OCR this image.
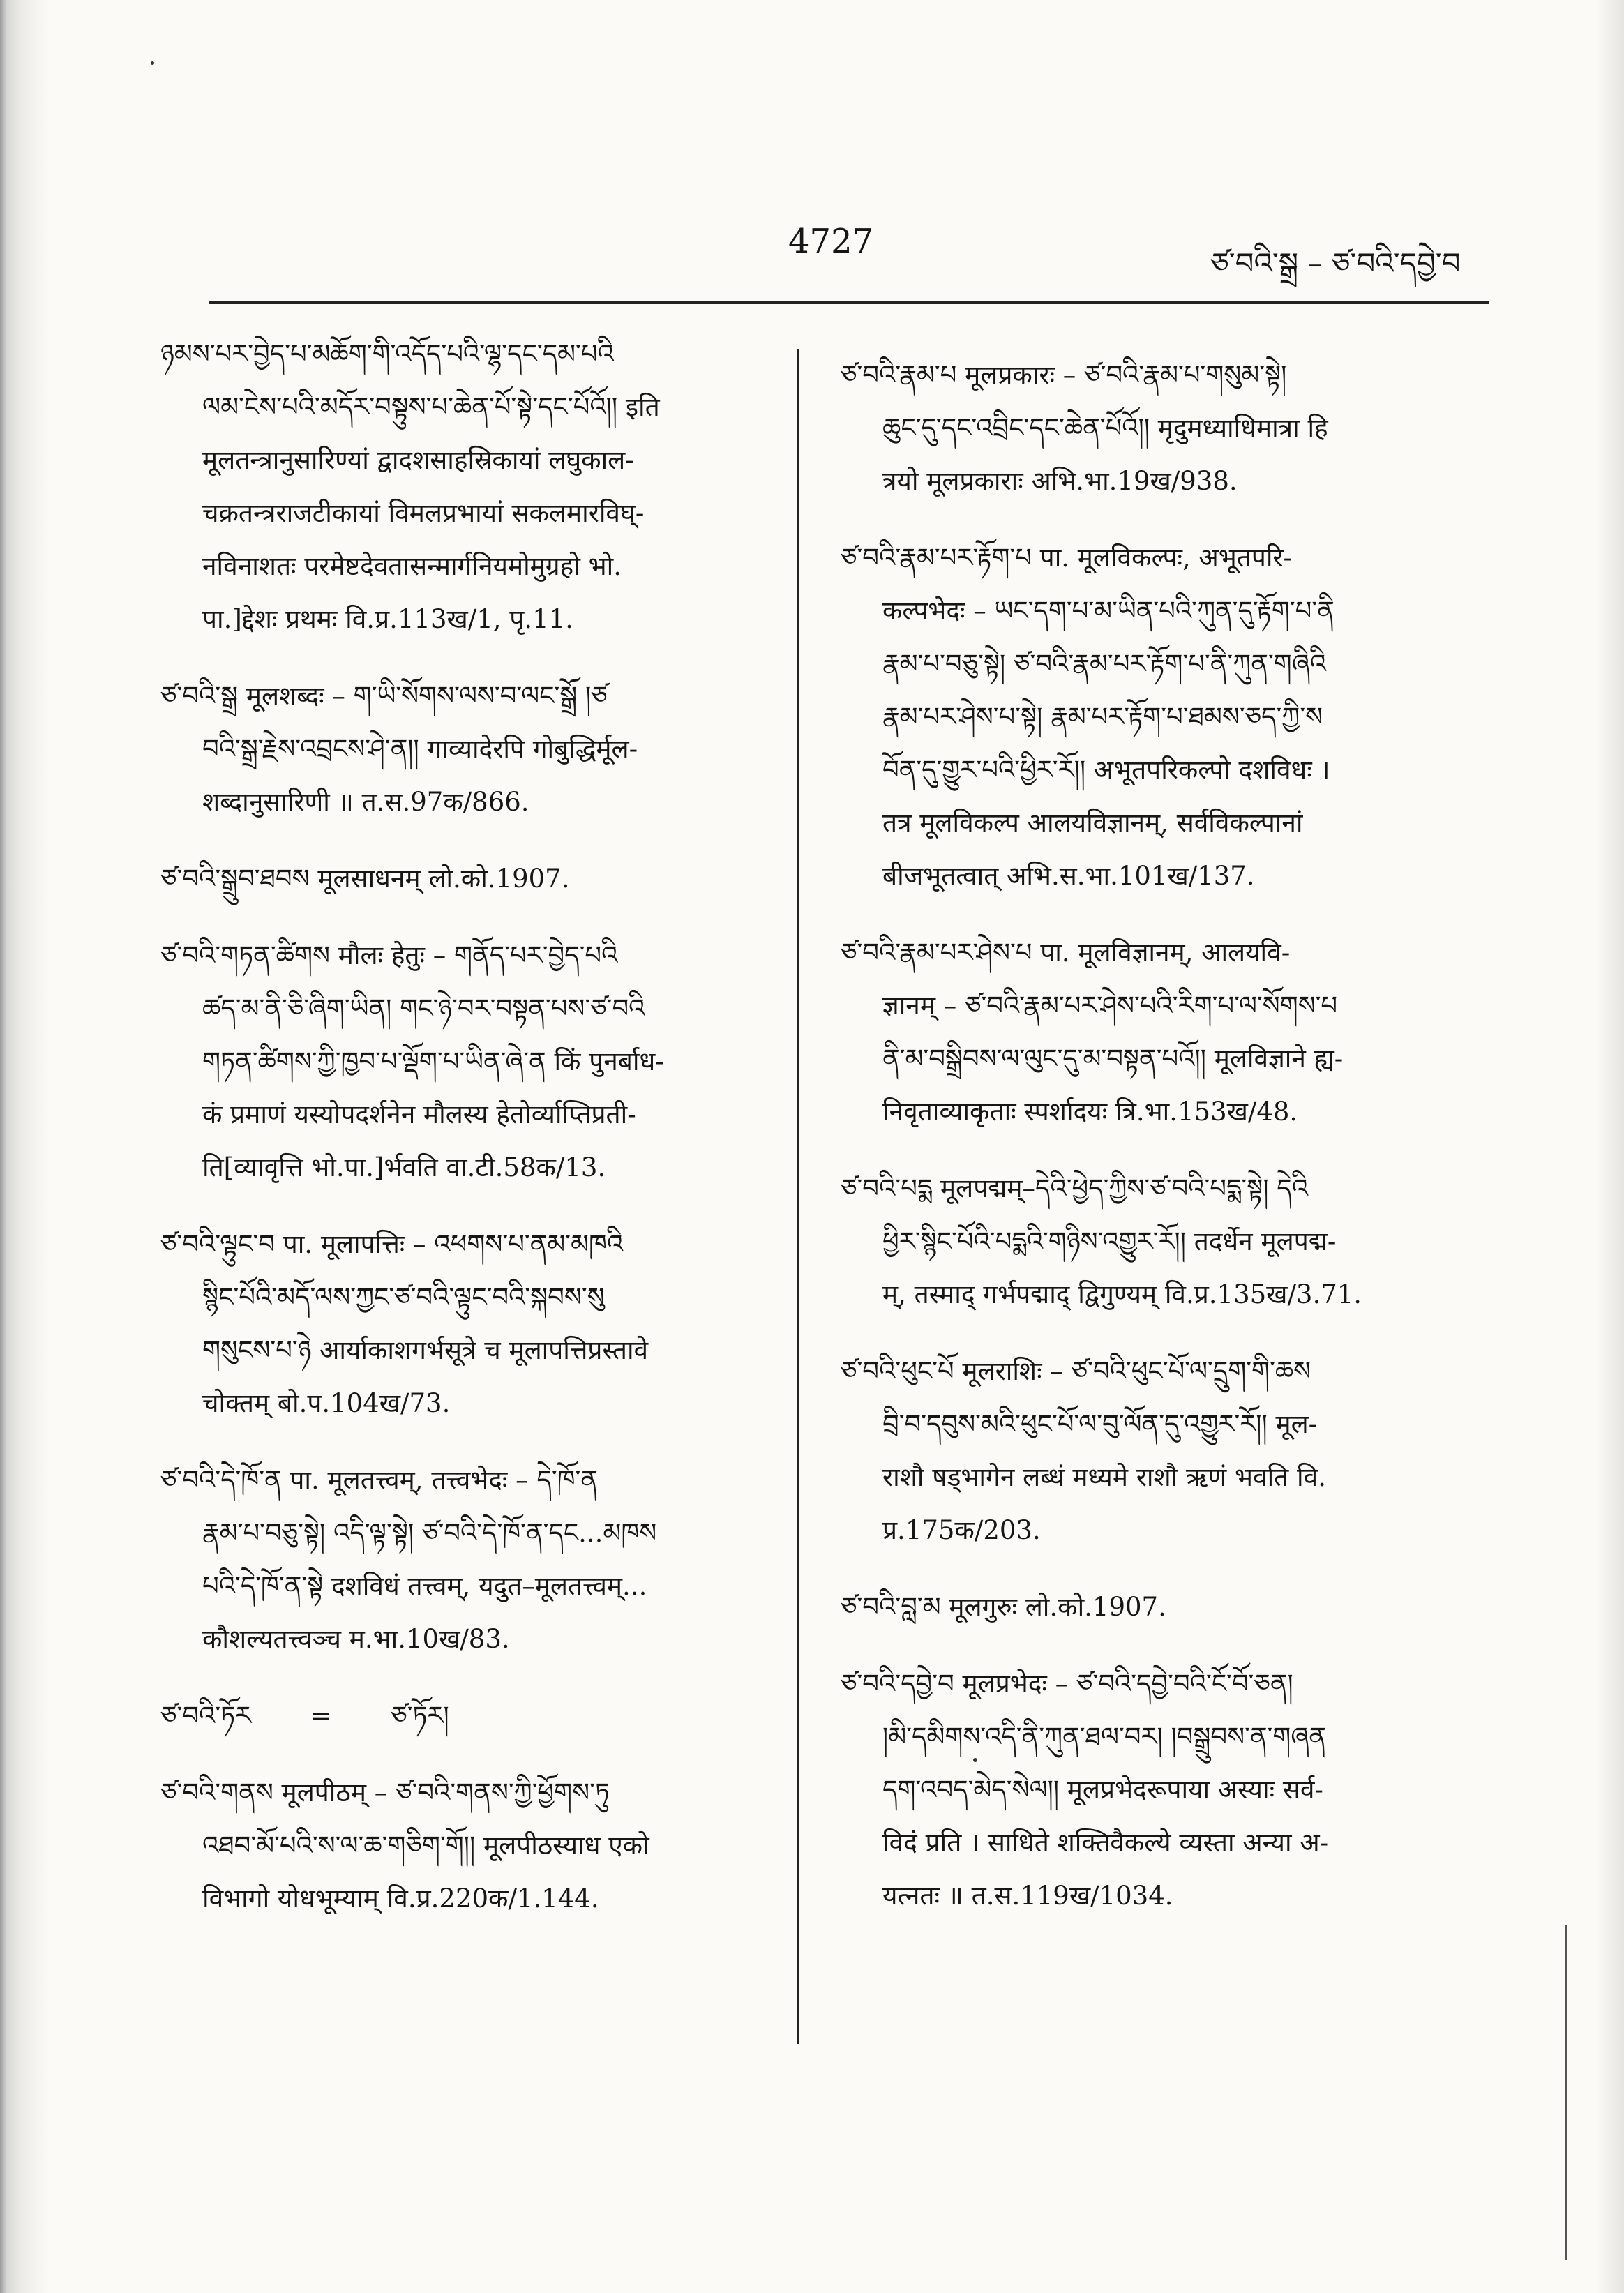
4727
ཙ་བའི་སྒྲ – ཙ་བའི་དབྱེ་བ
ཉམས་པར་བྱེད་པ་མཆོག་གི་འདོད་པའི་ལྷ་དང་དམ་པའི
ལམ་ངེས་པའི་མདོར་བསྟུས་པ་ཆེན་པོ་སྟེ་དང་པོའོ།། इति
मूलतन्त्रानुसारिण्यां द्वादशसाहस्रिकायां लघुकाल-
चक्रतन्त्रराजटीकायां विमलप्रभायां सकलमारविघ्-
नविनाशतः परमेष्टदेवतासन्मार्गनियमोमुग्रहो भो.
पा.]द्देशः प्रथमः वि.प्र.113ख/1, पृ.11.
ཙ་བའི་སྒྲ मूलशब्दः – ག་ཡི་སོགས་ལས་བ་ལང་སྒྲོ །ཙ
བའི་སྒྲ་རྗེས་འབྲངས་ཤེ་ན།། गाव्यादेरपि गोबुद्धिर्मूल-
शब्दानुसारिणी ॥ त.स.97क/866.
ཙ་བའི་སྒྲུབ་ཐབས मूलसाधनम् लो.को.1907.
ཙ་བའི་གཏན་ཚིགས मौलः हेतुः – གནོད་པར་བྱེད་པའི
ཚད་མ་ནི་ཅི་ཞིག་ཡིན། གང་ཉེ་བར་བསྟན་པས་ཙ་བའི
གཏན་ཚིགས་ཀྱི་ཁྱབ་པ་ལྡོག་པ་ཡིན་ཞེ་ན किं पुनर्बाध-
कं प्रमाणं यस्योपदर्शनेन मौलस्य हेतोर्व्याप्तिप्रती-
ति[व्यावृत्ति भो.पा.]र्भवति वा.टी.58क/13.
ཙ་བའི་ལྟུང་བ पा. मूलापत्तिः – འཕགས་པ་ནམ་མཁའི
སྙིང་པོའི་མདོ་ལས་ཀྱང་ཙ་བའི་ལྟུང་བའི་སྐབས་སུ
གསུངས་པ་ཉེ आर्याकाशगर्भसूत्रे च मूलापत्तिप्रस्तावे
चोक्तम् बो.प.104ख/73.
ཙ་བའི་དེ་ཁོ་ན पा. मूलतत्त्वम्, तत्त्वभेदः – དེ་ཁོ་ན
རྣམ་པ་བཅུ་སྟེ། འདི་ལྟ་སྟེ། ཙ་བའི་དེ་ཁོ་ན་དང...མཁས
པའི་དེ་ཁོ་ན་སྟེ दशविधं तत्त्वम्, यदुत–मूलतत्त्वम्...
कौशल्यतत्त्वञ्च म.भा.10ख/83.
ཙ་བའི་ཏོར	=	ཙ་ཏོར།
ཙ་བའི་གནས मूलपीठम् – ཙ་བའི་གནས་ཀྱི་ཕྱོགས་ཏུ
འཐབ་མོ་པའི་ས་ལ་ཆ་གཅིག་གོ།། मूलपीठस्याध एको
विभागो योधभूम्याम् वि.प्र.220क/1.144.
ཙ་བའི་རྣམ་པ मूलप्रकारः – ཙ་བའི་རྣམ་པ་གསུམ་སྟེ།
ཆུང་དུ་དང་འབྲིང་དང་ཆེན་པོའོ།། मृदुमध्याधिमात्रा हि
त्रयो मूलप्रकाराः अभि.भा.19ख/938.
ཙ་བའི་རྣམ་པར་རྟོག་པ पा. मूलविकल्पः, अभूतपरि-
कल्पभेदः – ཡང་དག་པ་མ་ཡིན་པའི་ཀུན་དུ་རྟོག་པ་ནི
རྣམ་པ་བཅུ་སྟེ། ཙ་བའི་རྣམ་པར་རྟོག་པ་ནི་ཀུན་གཞིའི
རྣམ་པར་ཤེས་པ་སྟེ། རྣམ་པར་རྟོག་པ་ཐམས་ཅད་ཀྱི་ས
བོན་དུ་གྱུར་པའི་ཕྱིར་རོ།། अभूतपरिकल्पो दशविधः ।
तत्र मूलविकल्प आलयविज्ञानम्, सर्वविकल्पानां
बीजभूतत्वात् अभि.स.भा.101ख/137.
ཙ་བའི་རྣམ་པར་ཤེས་པ पा. मूलविज्ञानम्, आलयवि-
ज्ञानम् – ཙ་བའི་རྣམ་པར་ཤེས་པའི་རིག་པ་ལ་སོགས་པ
ནི་མ་བསྒྲིབས་ལ་ལུང་དུ་མ་བསྟན་པའོ།། मूलविज्ञाने ह्य-
निवृताव्याकृताः स्पर्शादयः त्रि.भा.153ख/48.
ཙ་བའི་པདྨ मूलपद्मम्–དེའི་ཕྱེད་ཀྱིས་ཙ་བའི་པདྨ་སྟེ། དེའི
ཕྱིར་སྙིང་པོའི་པདྨའི་གཉིས་འགྱུར་རོ།། तदर्धेन मूलपद्म-
म्, तस्माद् गर्भपद्माद् द्विगुण्यम् वि.प्र.135ख/3.71.
ཙ་བའི་ཕུང་པོ मूलराशिः – ཙ་བའི་ཕུང་པོ་ལ་དྲུག་གི་ཆས
བྲི་བ་དབུས་མའི་ཕུང་པོ་ལ་བུ་ལོན་དུ་འགྱུར་རོ།། मूल-
राशौ षड्भागेन लब्धं मध्यमे राशौ ऋणं भवति वि.
प्र.175क/203.
ཙ་བའི་བླ་མ मूलगुरुः लो.को.1907.
ཙ་བའི་དབྱེ་བ मूलप्रभेदः – ཙ་བའི་དབྱེ་བའི་ངོ་བོ་ཅན།
།མི་དམིགས་འདི་ནི་ཀུན་ཐལ་བར། །བསྒྲུབས་ན་གཞན
དག་འབད་མེད་སེལ།། मूलप्रभेदरूपाया अस्याः सर्व-
विदं प्रति । साधिते शक्तिवैकल्ये व्यस्ता अन्या अ-
यत्नतः ॥ त.स.119ख/1034.
